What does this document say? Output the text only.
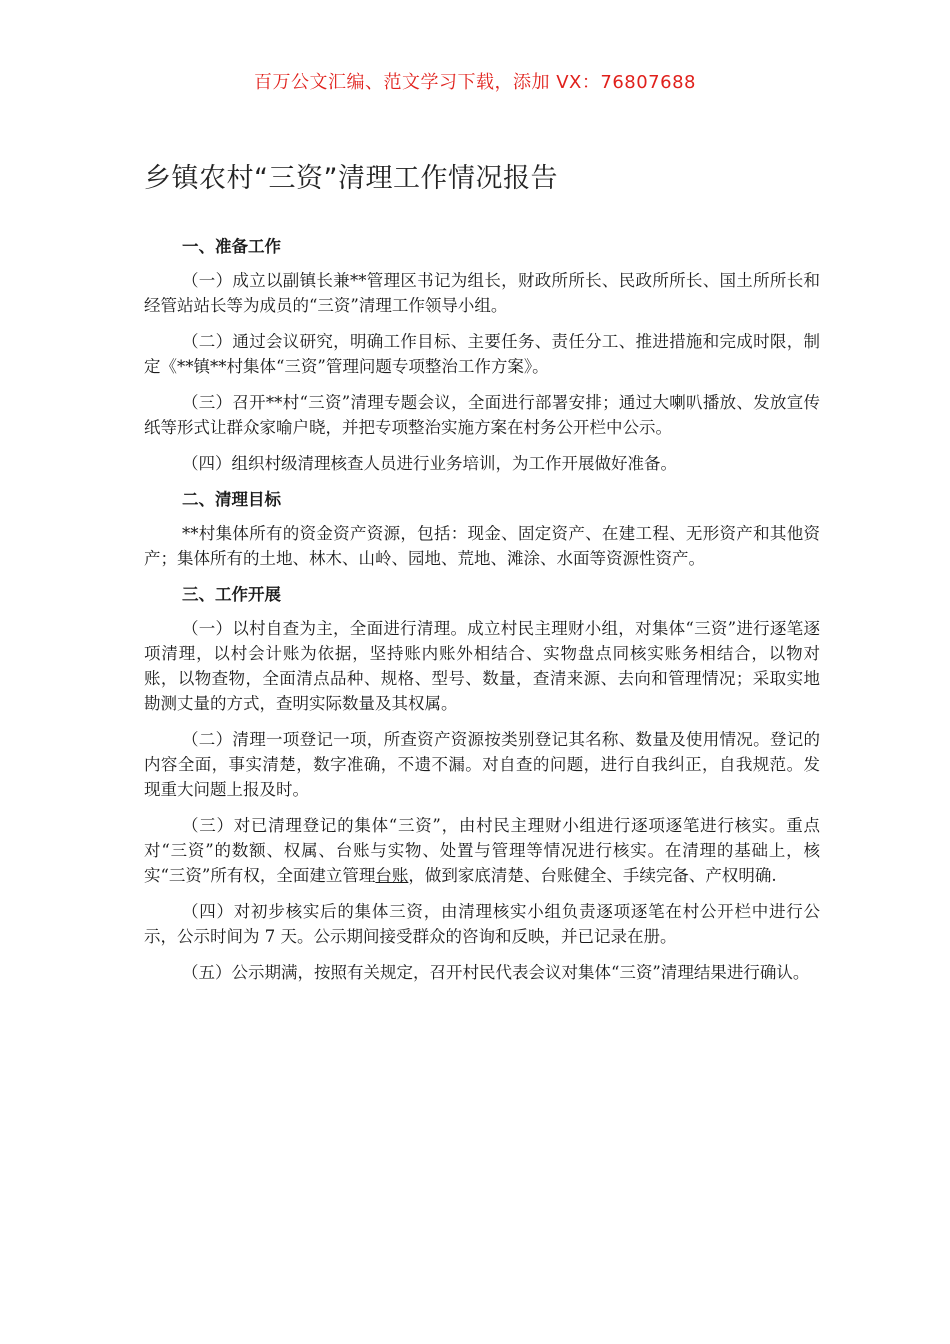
百万公文汇编、范文学习下载，添加 VX：76807688
乡镇农村“三资”清理工作情况报告
一、准备工作

（一）成立以副镇长兼**管理区书记为组长，财政所所长、民政所所长、国土所所长和经管站站长等为成员的“三资”清理工作领导小组。

（二）通过会议研究，明确工作目标、主要任务、责任分工、推进措施和完成时限，制定《**镇**村集体“三资”管理问题专项整治工作方案》。

（三）召开**村“三资”清理专题会议，全面进行部署安排；通过大喇叭播放、发放宣传纸等形式让群众家喻户晓，并把专项整治实施方案在村务公开栏中公示。

（四）组织村级清理核查人员进行业务培训，为工作开展做好准备。

二、清理目标

**村集体所有的资金资产资源，包括：现金、固定资产、在建工程、无形资产和其他资产；集体所有的土地、林木、山岭、园地、荒地、滩涂、水面等资源性资产。

三、工作开展

（一）以村自查为主，全面进行清理。成立村民主理财小组，对集体“三资”进行逐笔逐项清理，以村会计账为依据，坚持账内账外相结合、实物盘点同核实账务相结合，以物对账，以物查物，全面清点品种、规格、型号、数量，查清来源、去向和管理情况；采取实地勘测丈量的方式，查明实际数量及其权属。

（二）清理一项登记一项，所查资产资源按类别登记其名称、数量及使用情况。登记的内容全面，事实清楚，数字准确，不遗不漏。对自查的问题，进行自我纠正，自我规范。发现重大问题上报及时。

（三）对已清理登记的集体“三资”，由村民主理财小组进行逐项逐笔进行核实。重点对“三资”的数额、权属、台账与实物、处置与管理等情况进行核实。在清理的基础上，核实“三资”所有权，全面建立管理台账，做到家底清楚、台账健全、手续完备、产权明确.

（四）对初步核实后的集体三资，由清理核实小组负责逐项逐笔在村公开栏中进行公示，公示时间为 7 天。公示期间接受群众的咨询和反映，并已记录在册。

（五）公示期满，按照有关规定，召开村民代表会议对集体“三资”清理结果进行确认。
